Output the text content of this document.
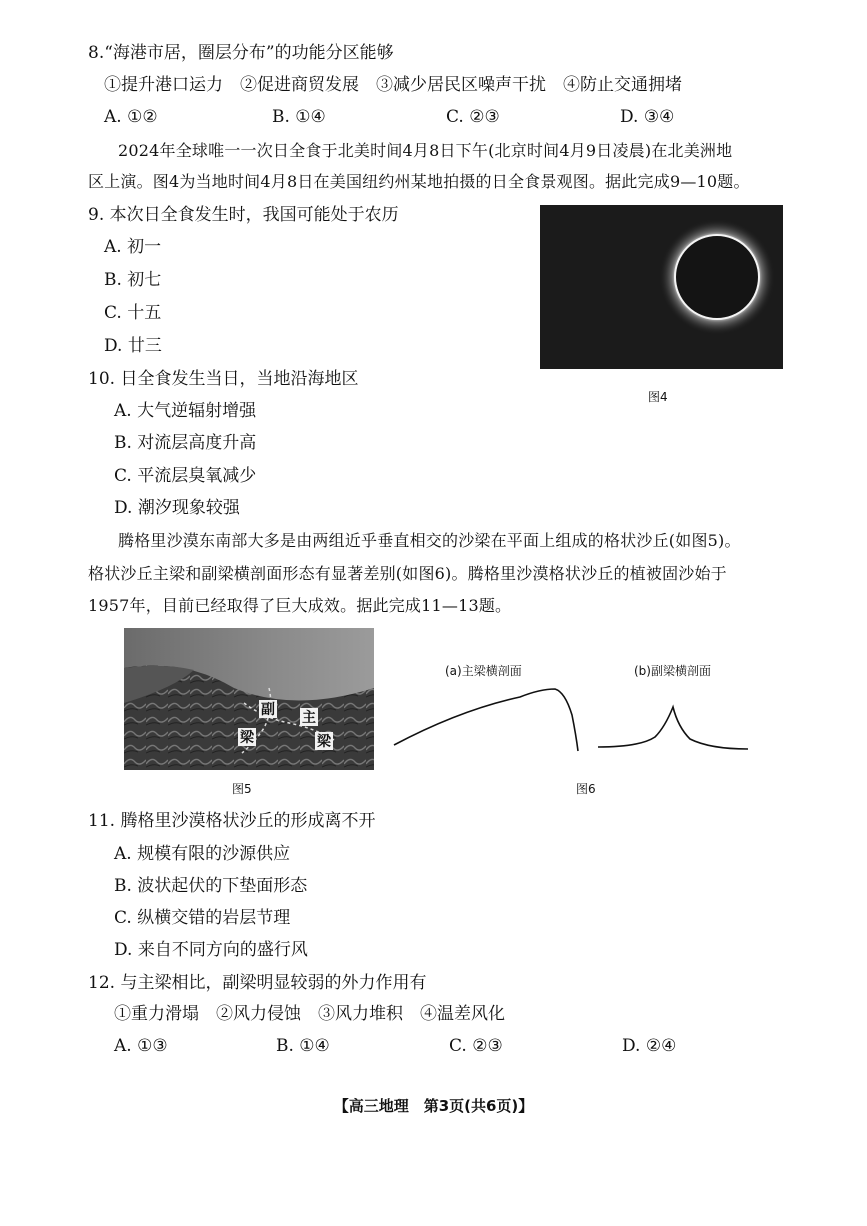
8.“海港市居，圈层分布”的功能分区能够
①提升港口运力　②促进商贸发展　③减少居民区噪声干扰　④防止交通拥堵
A. ①②	B. ①④	C. ②③	D. ③④
2024年全球唯一一次日全食于北美时间4月8日下午(北京时间4月9日凌晨)在北美洲地
区上演。图4为当地时间4月8日在美国纽约州某地拍摄的日全食景观图。据此完成9—10题。
9. 本次日全食发生时，我国可能处于农历
A. 初一
B. 初七
C. 十五
D. 廿三
图4
10. 日全食发生当日，当地沿海地区
A. 大气逆辐射增强
B. 对流层高度升高
C. 平流层臭氧减少
D. 潮汐现象较强
腾格里沙漠东南部大多是由两组近乎垂直相交的沙梁在平面上组成的格状沙丘(如图5)。
格状沙丘主梁和副梁横剖面形态有显著差别(如图6)。腾格里沙漠格状沙丘的植被固沙始于
1957年，目前已经取得了巨大成效。据此完成11—13题。
副 主
梁	梁
图5
(a)主梁横剖面	(b)副梁横剖面
图6
11. 腾格里沙漠格状沙丘的形成离不开
A. 规模有限的沙源供应
B. 波状起伏的下垫面形态
C. 纵横交错的岩层节理
D. 来自不同方向的盛行风
12. 与主梁相比，副梁明显较弱的外力作用有
①重力滑塌　②风力侵蚀　③风力堆积　④温差风化
A. ①③	B. ①④	C. ②③	D. ②④
【高三地理　第3页(共6页)】
